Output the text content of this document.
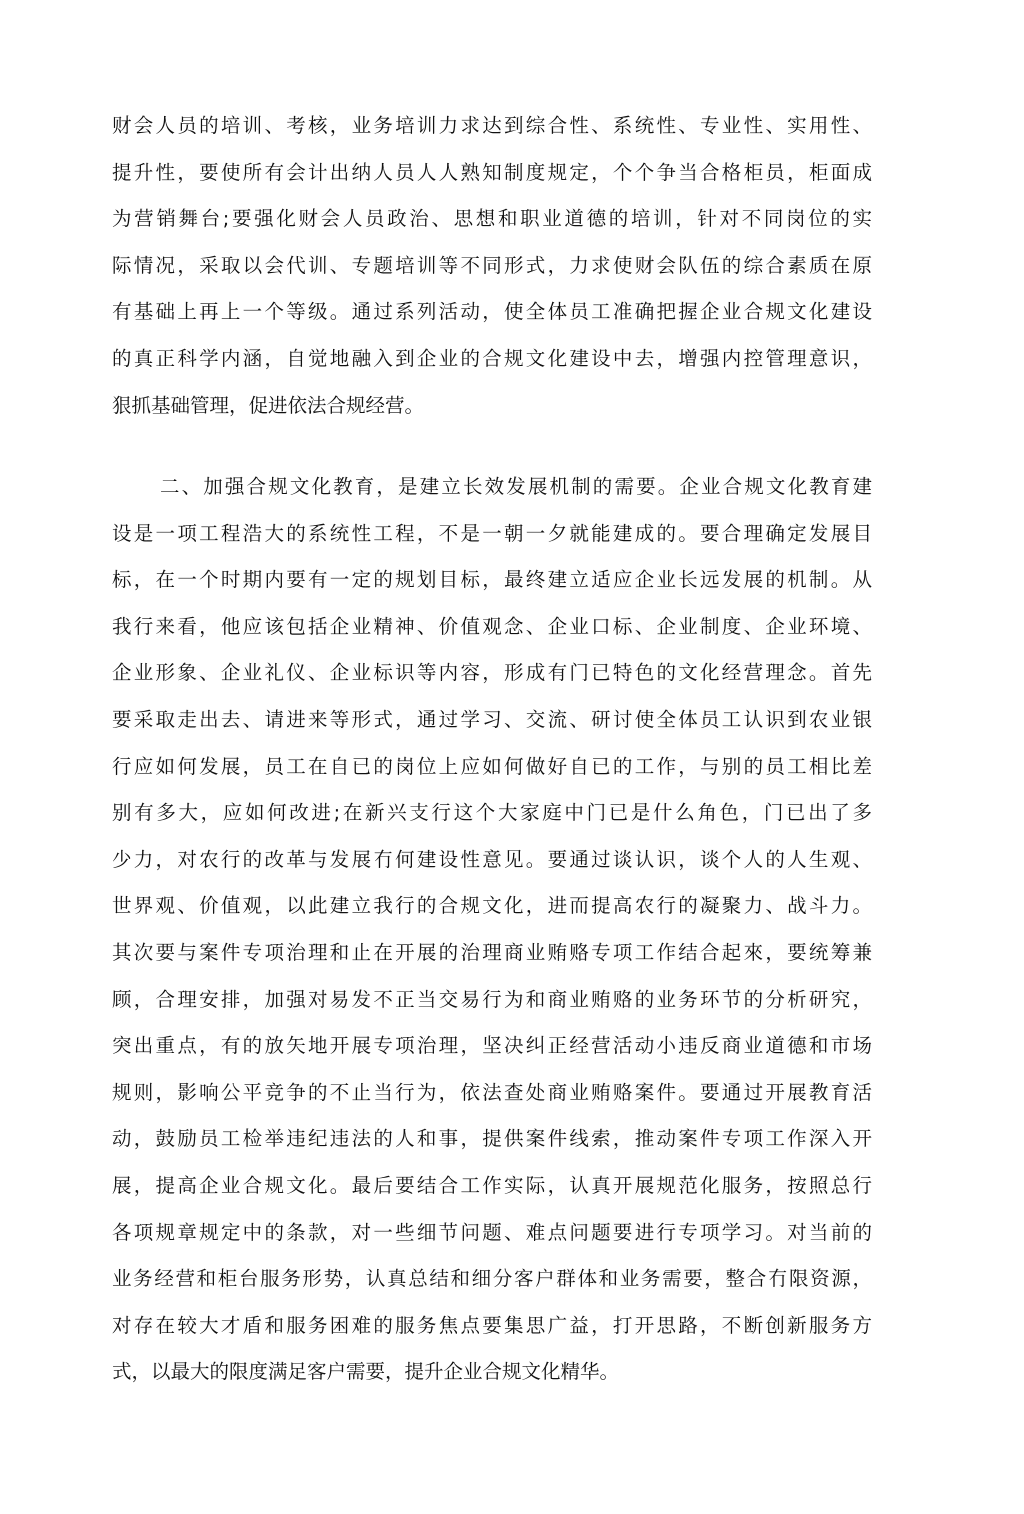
财会人员的培训、考核，业务培训力求达到综合性、系统性、专业性、实用性、
提升性，要使所有会计出纳人员人人熟知制度规定，个个争当合格柜员，柜面成
为营销舞台;要强化财会人员政治、思想和职业道德的培训，针对不同岗位的实
际情况，采取以会代训、专题培训等不同形式，力求使财会队伍的综合素质在原
有基础上再上一个等级。通过系列活动，使全体员工准确把握企业合规文化建设
的真正科学内涵，自觉地融入到企业的合规文化建设中去，增强内控管理意识，
狠抓基础管理，促进依法合规经营。
二、加强合规文化教育，是建立长效发展机制的需要。企业合规文化教育建
设是一项工程浩大的系统性工程，不是一朝一夕就能建成的。要合理确定发展目
标，在一个时期内要有一定的规划目标，最终建立适应企业长远发展的机制。从
我行来看，他应该包括企业精神、价值观念、企业口标、企业制度、企业环境、
企业形象、企业礼仪、企业标识等内容，形成有门已特色的文化经营理念。首先
要采取走出去、请进来等形式，通过学习、交流、研讨使全体员工认识到农业银
行应如何发展，员工在自已的岗位上应如何做好自已的工作，与别的员工相比差
别有多大，应如何改进;在新兴支行这个大家庭中门已是什么角色，门已出了多
少力，对农行的改革与发展冇何建设性意见。要通过谈认识，谈个人的人生观、
世界观、价值观，以此建立我行的合规文化，进而提高农行的凝聚力、战斗力。
其次要与案件专项治理和止在开展的治理商业贿赂专项工作结合起來，要统筹兼
顾，合理安排，加强对易发不正当交易行为和商业贿赂的业务环节的分析研究，
突出重点，有的放矢地开展专项治理，坚决纠正经营活动小违反商业道德和市场
规则，影响公平竞争的不止当行为，依法查处商业贿赂案件。要通过开展教育活
动，鼓励员工检举违纪违法的人和事，提供案件线索，推动案件专项工作深入开
展，提高企业合规文化。最后要结合工作实际，认真开展规范化服务，按照总行
各项规章规定中的条款，对一些细节问题、难点问题要进行专项学习。对当前的
业务经营和柜台服务形势，认真总结和细分客户群体和业务需要，整合冇限资源，
对存在较大才盾和服务困难的服务焦点要集思广益，打开思路，不断创新服务方
式，以最大的限度满足客户需要，提升企业合规文化精华。
